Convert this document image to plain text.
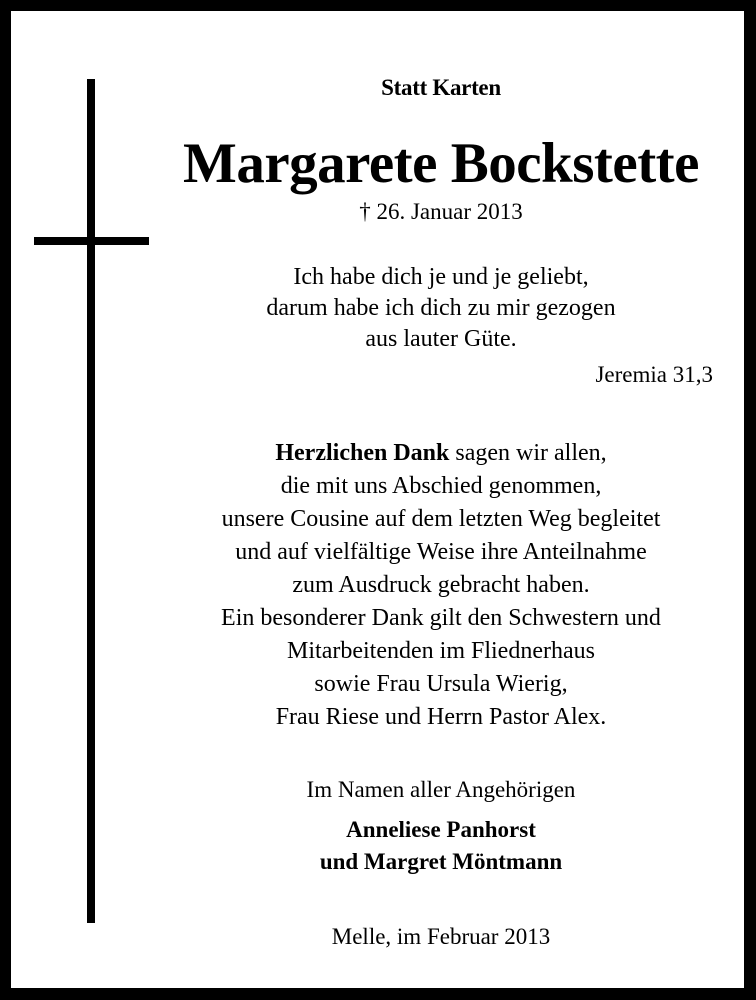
Statt Karten
Margarete Bockstette
† 26. Januar 2013
Ich habe dich je und je geliebt,
darum habe ich dich zu mir gezogen
aus lauter Güte.
Jeremia 31,3
Herzlichen Dank sagen wir allen,
die mit uns Abschied genommen,
unsere Cousine auf dem letzten Weg begleitet
und auf vielfältige Weise ihre Anteilnahme
zum Ausdruck gebracht haben.
Ein besonderer Dank gilt den Schwestern und
Mitarbeitenden im Fliednerhaus
sowie Frau Ursula Wierig,
Frau Riese und Herrn Pastor Alex.
Im Namen aller Angehörigen
Anneliese Panhorst
und Margret Möntmann
Melle, im Februar 2013
